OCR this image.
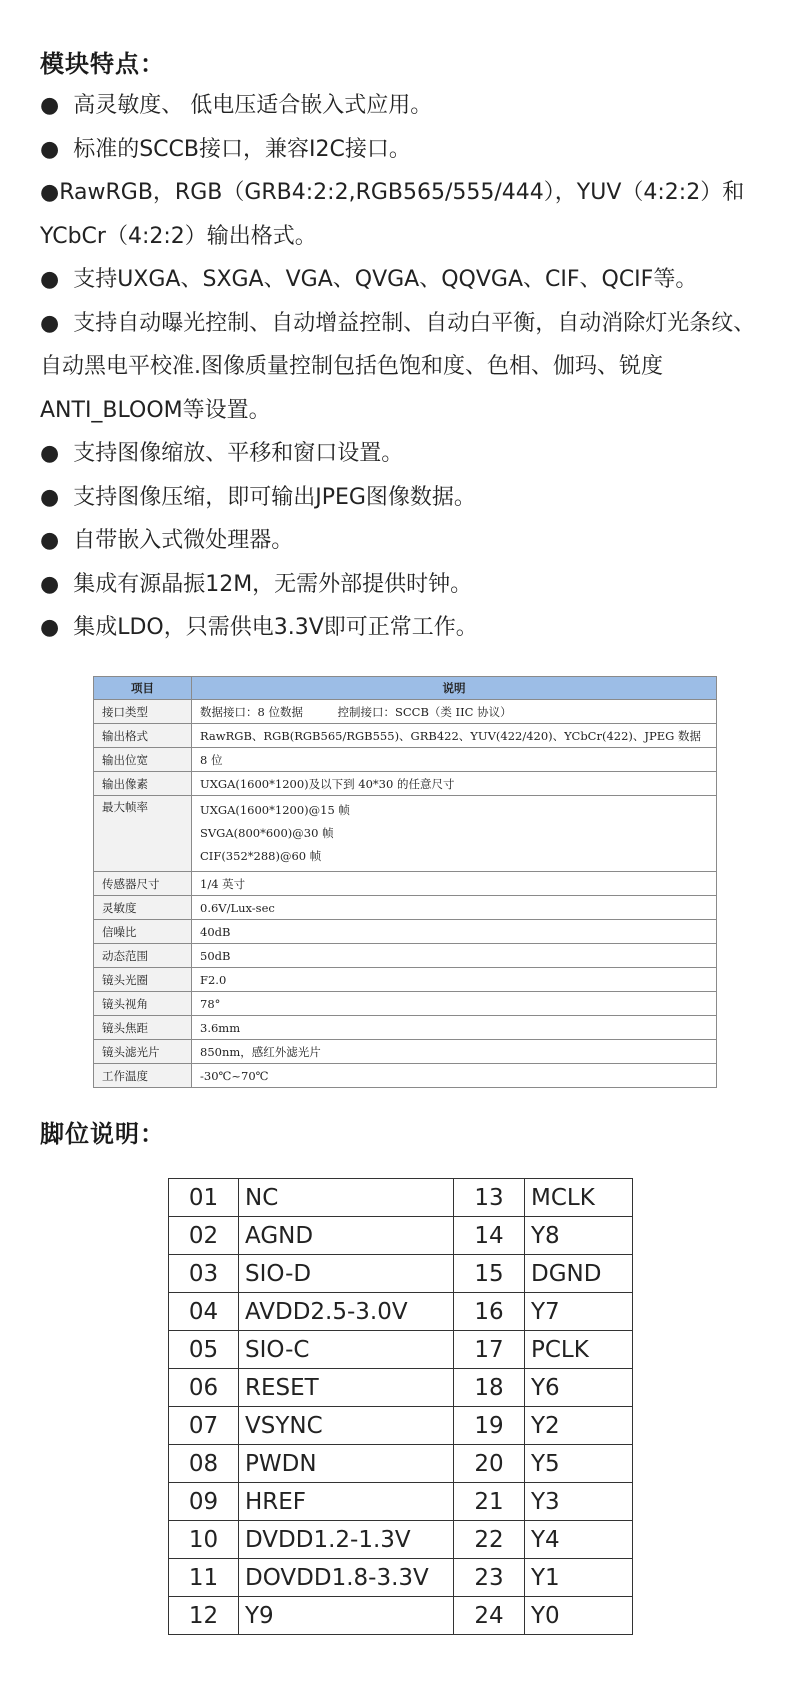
模块特点：
● 高灵敏度、 低电压适合嵌入式应用。
● 标准的SCCB接口，兼容I2C接口。
●RawRGB，RGB（GRB4:2:2,RGB565/555/444），YUV（4:2:2）和YCbCr（4:2:2）输出格式。
● 支持UXGA、SXGA、VGA、QVGA、QQVGA、CIF、QCIF等。
● 支持自动曝光控制、自动增益控制、自动白平衡，自动消除灯光条纹、自动黑电平校准.图像质量控制包括色饱和度、色相、伽玛、锐度ANTI_BLOOM等设置。
● 支持图像缩放、平移和窗口设置。
● 支持图像压缩，即可输出JPEG图像数据。
● 自带嵌入式微处理器。
● 集成有源晶振12M，无需外部提供时钟。
● 集成LDO，只需供电3.3V即可正常工作。
项目	说明
接口类型	数据接口：8 位数据　　　控制接口：SCCB（类 IIC 协议）
输出格式	RawRGB、RGB(RGB565/RGB555)、GRB422、YUV(422/420)、YCbCr(422)、JPEG 数据
输出位宽	8 位
输出像素	UXGA(1600*1200)及以下到 40*30 的任意尺寸
最大帧率	UXGA(1600*1200)@15 帧
SVGA(800*600)@30 帧
CIF(352*288)@60 帧

传感器尺寸	1/4 英寸
灵敏度	0.6V/Lux-sec
信噪比	40dB
动态范围	50dB
镜头光圈	F2.0
镜头视角	78°
镜头焦距	3.6mm
镜头滤光片	850nm，感红外滤光片
工作温度	-30℃~70℃
脚位说明：
01	NC	13	MCLK
02	AGND	14	Y8
03	SIO-D	15	DGND
04	AVDD2.5-3.0V	16	Y7
05	SIO-C	17	PCLK
06	RESET	18	Y6
07	VSYNC	19	Y2
08	PWDN	20	Y5
09	HREF	21	Y3
10	DVDD1.2-1.3V	22	Y4
11	DOVDD1.8-3.3V	23	Y1
12	Y9	24	Y0
